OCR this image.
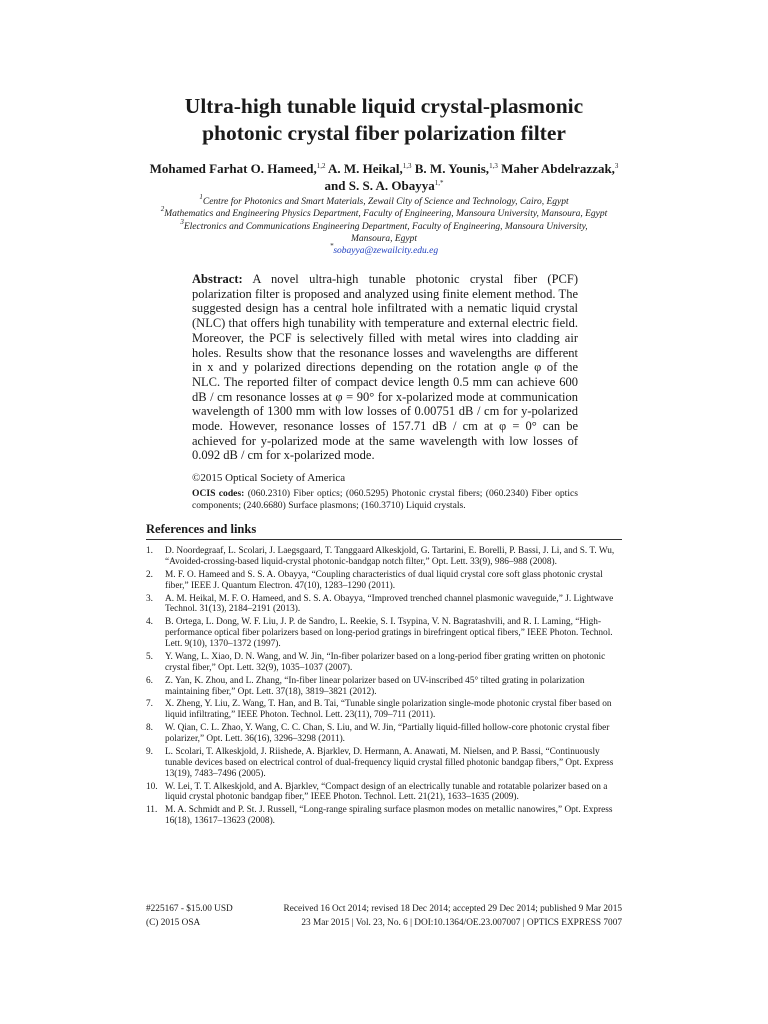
Ultra-high tunable liquid crystal-plasmonic
photonic crystal fiber polarization filter
Mohamed Farhat O. Hameed,$^{1,2}$ A. M. Heikal,$^{1,3}$ B. M. Younis,$^{1,3}$ Maher Abdelrazzak,$^3$
and S. S. A. Obayya$^{1,*}$
$^1$Centre for Photonics and Smart Materials, Zewail City of Science and Technology, Cairo, Egypt
$^2$Mathematics and Engineering Physics Department, Faculty of Engineering, Mansoura University, Mansoura, Egypt
$^3$Electronics and Communications Engineering Department, Faculty of Engineering, Mansoura University,
Mansoura, Egypt
*sobayya@zewailcity.edu.eg
Abstract: A novel ultra-high tunable photonic crystal fiber (PCF) polarization filter is proposed and analyzed using finite element method. The suggested design has a central hole infiltrated with a nematic liquid crystal (NLC) that offers high tunability with temperature and external electric field. Moreover, the PCF is selectively filled with metal wires into cladding air holes. Results show that the resonance losses and wavelengths are different in x and y polarized directions depending on the rotation angle φ of the NLC. The reported filter of compact device length 0.5 mm can achieve 600 dB / cm resonance losses at φ = 90° for x-polarized mode at communication wavelength of 1300 mm with low losses of 0.00751 dB / cm for y-polarized mode. However, resonance losses of 157.71 dB / cm at φ = 0° can be achieved for y-polarized mode at the same wavelength with low losses of 0.092 dB / cm for x-polarized mode.
©2015 Optical Society of America
OCIS codes: (060.2310) Fiber optics; (060.5295) Photonic crystal fibers; (060.2340) Fiber optics components; (240.6680) Surface plasmons; (160.3710) Liquid crystals.
References and links
1. D. Noordegraaf, L. Scolari, J. Laegsgaard, T. Tanggaard Alkeskjold, G. Tartarini, E. Borelli, P. Bassi, J. Li, and S. T. Wu, “Avoided-crossing-based liquid-crystal photonic-bandgap notch filter,” Opt. Lett. 33(9), 986–988 (2008).
2. M. F. O. Hameed and S. S. A. Obayya, “Coupling characteristics of dual liquid crystal core soft glass photonic crystal fiber,” IEEE J. Quantum Electron. 47(10), 1283–1290 (2011).
3. A. M. Heikal, M. F. O. Hameed, and S. S. A. Obayya, “Improved trenched channel plasmonic waveguide,” J. Lightwave Technol. 31(13), 2184–2191 (2013).
4. B. Ortega, L. Dong, W. F. Liu, J. P. de Sandro, L. Reekie, S. I. Tsypina, V. N. Bagratashvili, and R. I. Laming, “High-performance optical fiber polarizers based on long-period gratings in birefringent optical fibers,” IEEE Photon. Technol. Lett. 9(10), 1370–1372 (1997).
5. Y. Wang, L. Xiao, D. N. Wang, and W. Jin, “In-fiber polarizer based on a long-period fiber grating written on photonic crystal fiber,” Opt. Lett. 32(9), 1035–1037 (2007).
6. Z. Yan, K. Zhou, and L. Zhang, “In-fiber linear polarizer based on UV-inscribed 45° tilted grating in polarization maintaining fiber,” Opt. Lett. 37(18), 3819–3821 (2012).
7. X. Zheng, Y. Liu, Z. Wang, T. Han, and B. Tai, “Tunable single polarization single-mode photonic crystal fiber based on liquid infiltrating,” IEEE Photon. Technol. Lett. 23(11), 709–711 (2011).
8. W. Qian, C. L. Zhao, Y. Wang, C. C. Chan, S. Liu, and W. Jin, “Partially liquid-filled hollow-core photonic crystal fiber polarizer,” Opt. Lett. 36(16), 3296–3298 (2011).
9. L. Scolari, T. Alkeskjold, J. Riishede, A. Bjarklev, D. Hermann, A. Anawati, M. Nielsen, and P. Bassi, “Continuously tunable devices based on electrical control of dual-frequency liquid crystal filled photonic bandgap fibers,” Opt. Express 13(19), 7483–7496 (2005).
10. W. Lei, T. T. Alkeskjold, and A. Bjarklev, “Compact design of an electrically tunable and rotatable polarizer based on a liquid crystal photonic bandgap fiber,” IEEE Photon. Technol. Lett. 21(21), 1633–1635 (2009).
11. M. A. Schmidt and P. St. J. Russell, “Long-range spiraling surface plasmon modes on metallic nanowires,” Opt. Express 16(18), 13617–13623 (2008).
#225167 - $15.00 USD	Received 16 Oct 2014; revised 18 Dec 2014; accepted 29 Dec 2014; published 9 Mar 2015
(C) 2015 OSA	23 Mar 2015 | Vol. 23, No. 6 | DOI:10.1364/OE.23.007007 | OPTICS EXPRESS 7007
